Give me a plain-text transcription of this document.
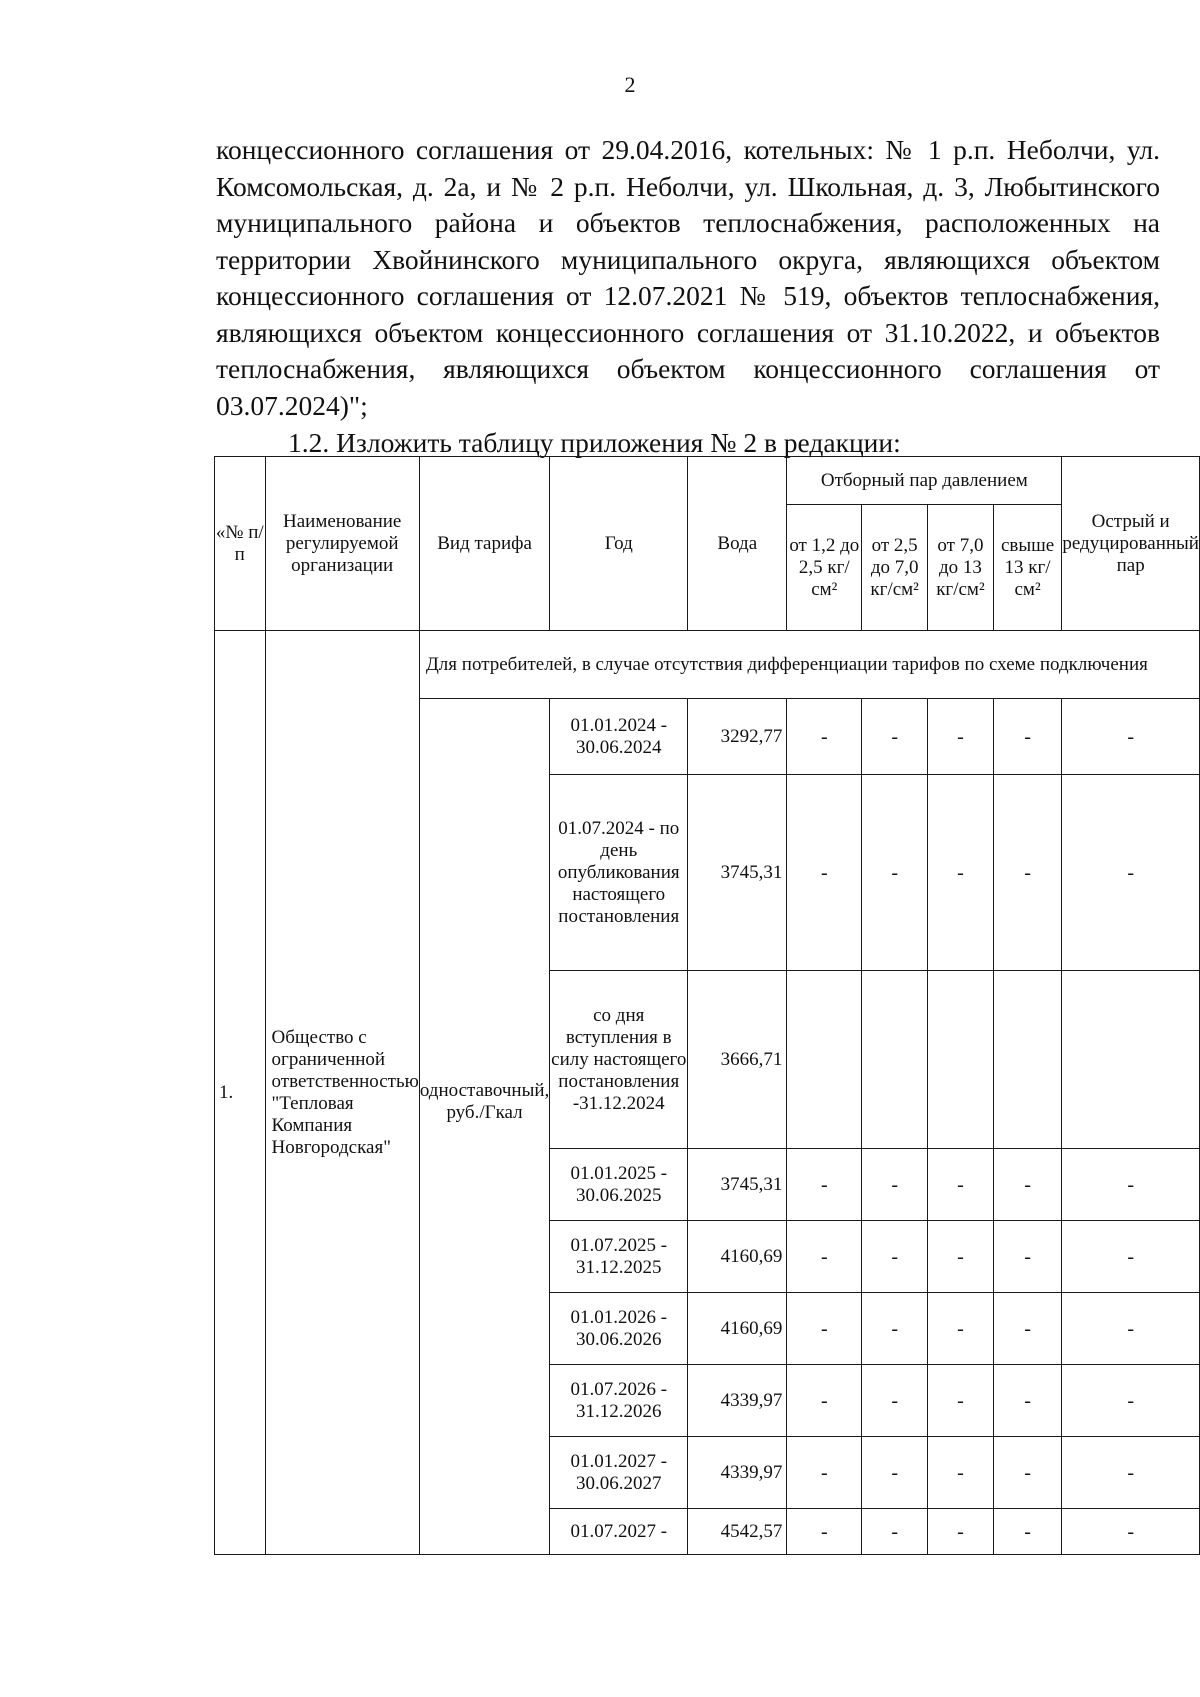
2
концессионного соглашения от 29.04.2016, котельных: № 1 р.п. Неболчи, ул.
Комсомольская, д. 2а, и № 2 р.п. Неболчи, ул. Школьная, д. 3, Любытинского
муниципального района и объектов теплоснабжения, расположенных на
территории Хвойнинского муниципального округа, являющихся объектом
концессионного соглашения от 12.07.2021 № 519, объектов теплоснабжения,
являющихся объектом концессионного соглашения от 31.10.2022, и объектов
теплоснабжения, являющихся объектом концессионного соглашения от
03.07.2024)";
1.2. Изложить таблицу приложения № 2 в редакции:
«№ п/п	Наименование регулируемой организации	Вид тарифа	Год	Вода	Отборный пар давлением				Острый и редуцированный пар
					от 1,2 до 2,5 кг/см²	от 2,5 до 7,0 кг/см²	от 7,0 до 13 кг/см²	свыше 13 кг/см²	
1.	Общество с ограниченной ответственностью "Тепловая Компания Новгородская"	Для потребителей, в случае отсутствия дифференциации тарифов по схеме подключения							
		одноставочный, руб./Гкал	01.01.2024 - 30.06.2024	3292,77	-	-	-	-	-
			01.07.2024 - по день опубликования настоящего постановления	3745,31	-	-	-	-	-
			со дня вступления в силу настоящего постановления -31.12.2024	3666,71					
			01.01.2025 - 30.06.2025	3745,31	-	-	-	-	-
			01.07.2025 - 31.12.2025	4160,69	-	-	-	-	-
			01.01.2026 - 30.06.2026	4160,69	-	-	-	-	-
			01.07.2026 - 31.12.2026	4339,97	-	-	-	-	-
			01.01.2027 - 30.06.2027	4339,97	-	-	-	-	-
			01.07.2027 -	4542,57	-	-	-	-	-
